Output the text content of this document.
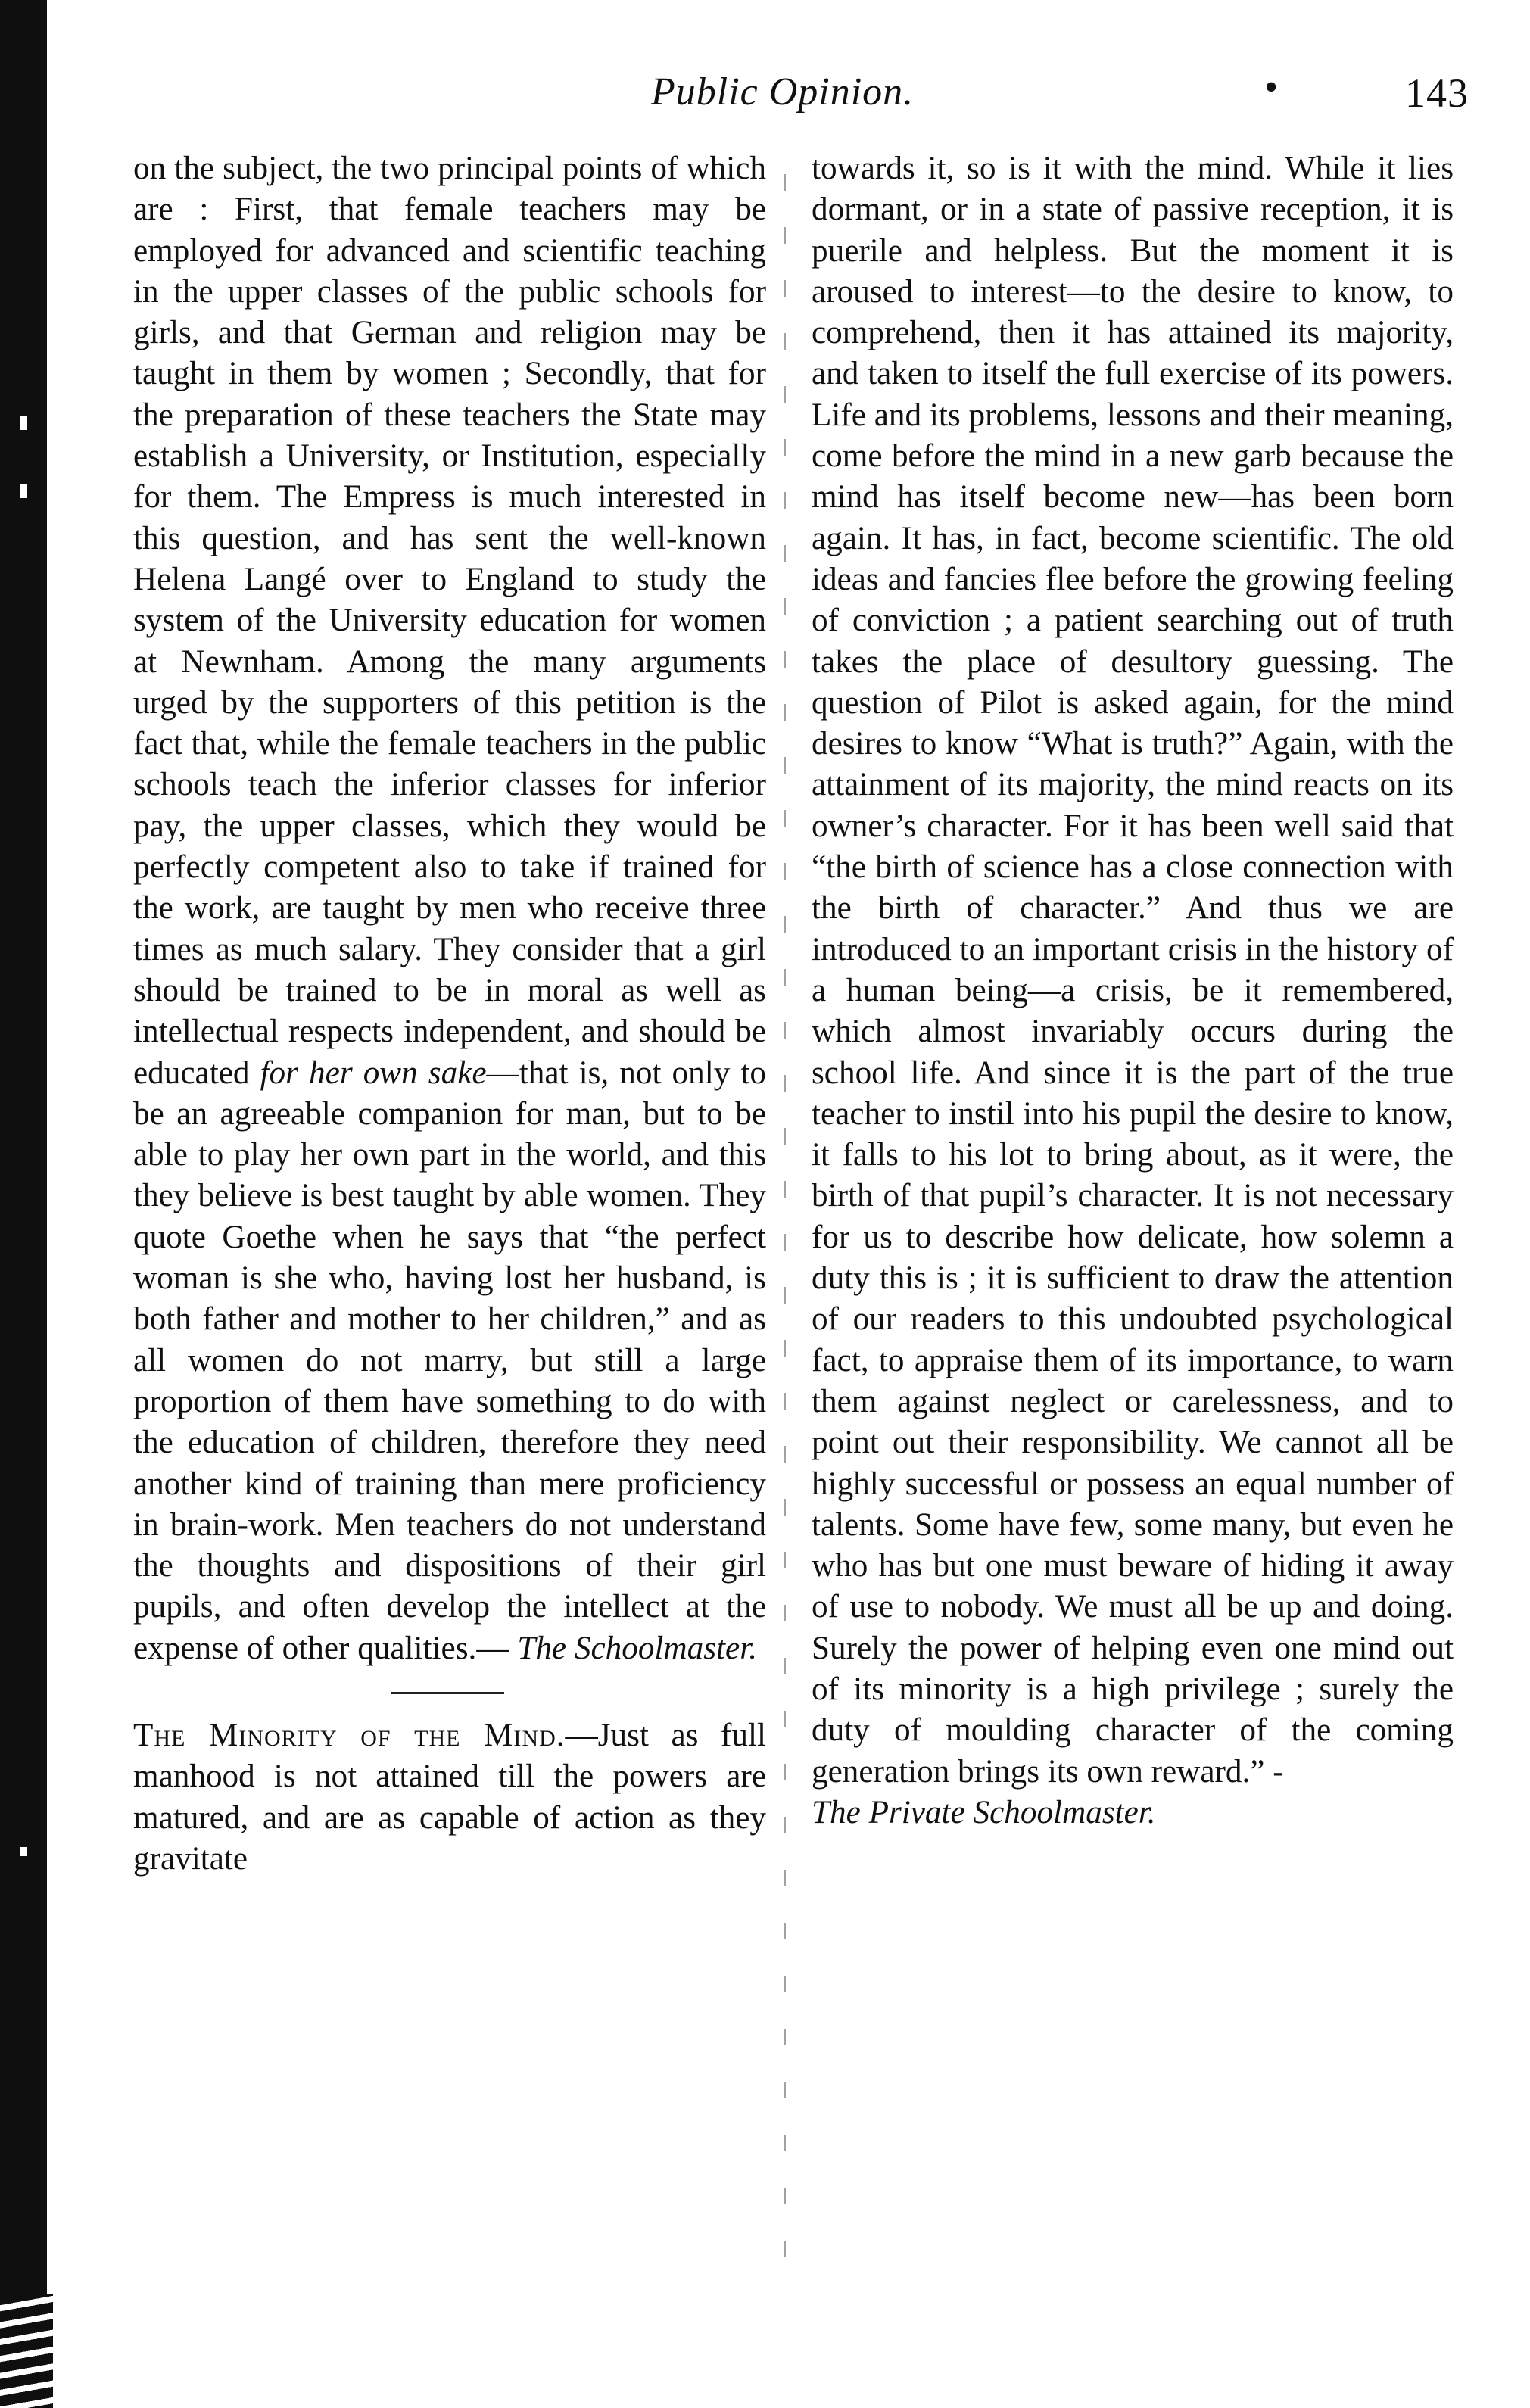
Public Opinion.	•	143

on the subject, the two principal points of which are : First, that female teachers may be employed for advanced and scientific teaching in the upper classes of the public schools for girls, and that German and religion may be taught in them by women ; Secondly, that for the preparation of these teachers the State may establish a University, or Institution, especially for them. The Empress is much interested in this question, and has sent the well-known Helena Langé over to England to study the system of the University education for women at Newnham. Among the many arguments urged by the supporters of this petition is the fact that, while the female teachers in the public schools teach the inferior classes for inferior pay, the upper classes, which they would be perfectly competent also to take if trained for the work, are taught by men who receive three times as much salary. They consider that a girl should be trained to be in moral as well as intellectual respects independent, and should be educated for her own sake—that is, not only to be an agreeable companion for man, but to be able to play her own part in the world, and this they believe is best taught by able women. They quote Goethe when he says that “the perfect woman is she who, having lost her husband, is both father and mother to her children,” and as all women do not marry, but still a large proportion of them have something to do with the education of children, therefore they need another kind of training than mere proficiency in brain-work. Men teachers do not understand the thoughts and dispositions of their girl pupils, and often develop the intellect at the expense of other qualities.— The Schoolmaster.

The Minority of the Mind.—Just as full manhood is not attained till the powers are matured, and are as capable of action as they gravitate

towards it, so is it with the mind. While it lies dormant, or in a state of passive reception, it is puerile and helpless. But the moment it is aroused to interest—to the desire to know, to comprehend, then it has attained its majority, and taken to itself the full exercise of its powers. Life and its problems, lessons and their meaning, come before the mind in a new garb because the mind has itself become new—has been born again. It has, in fact, become scientific. The old ideas and fancies flee before the growing feeling of conviction ; a patient searching out of truth takes the place of desultory guessing. The question of Pilot is asked again, for the mind desires to know “What is truth?” Again, with the attainment of its majority, the mind reacts on its owner’s character. For it has been well said that “the birth of science has a close connection with the birth of character.” And thus we are introduced to an important crisis in the history of a human being—a crisis, be it remembered, which almost invariably occurs during the school life. And since it is the part of the true teacher to instil into his pupil the desire to know, it falls to his lot to bring about, as it were, the birth of that pupil’s character. It is not necessary for us to describe how delicate, how solemn a duty this is ; it is sufficient to draw the attention of our readers to this undoubted psychological fact, to appraise them of its importance, to warn them against neglect or carelessness, and to point out their responsibility. We cannot all be highly successful or possess an equal number of talents. Some have few, some many, but even he who has but one must beware of hiding it away of use to nobody. We must all be up and doing. Surely the power of helping even one mind out of its minority is a high privilege ; surely the duty of moulding character of the coming generation brings its own reward.” -
The Private Schoolmaster.
